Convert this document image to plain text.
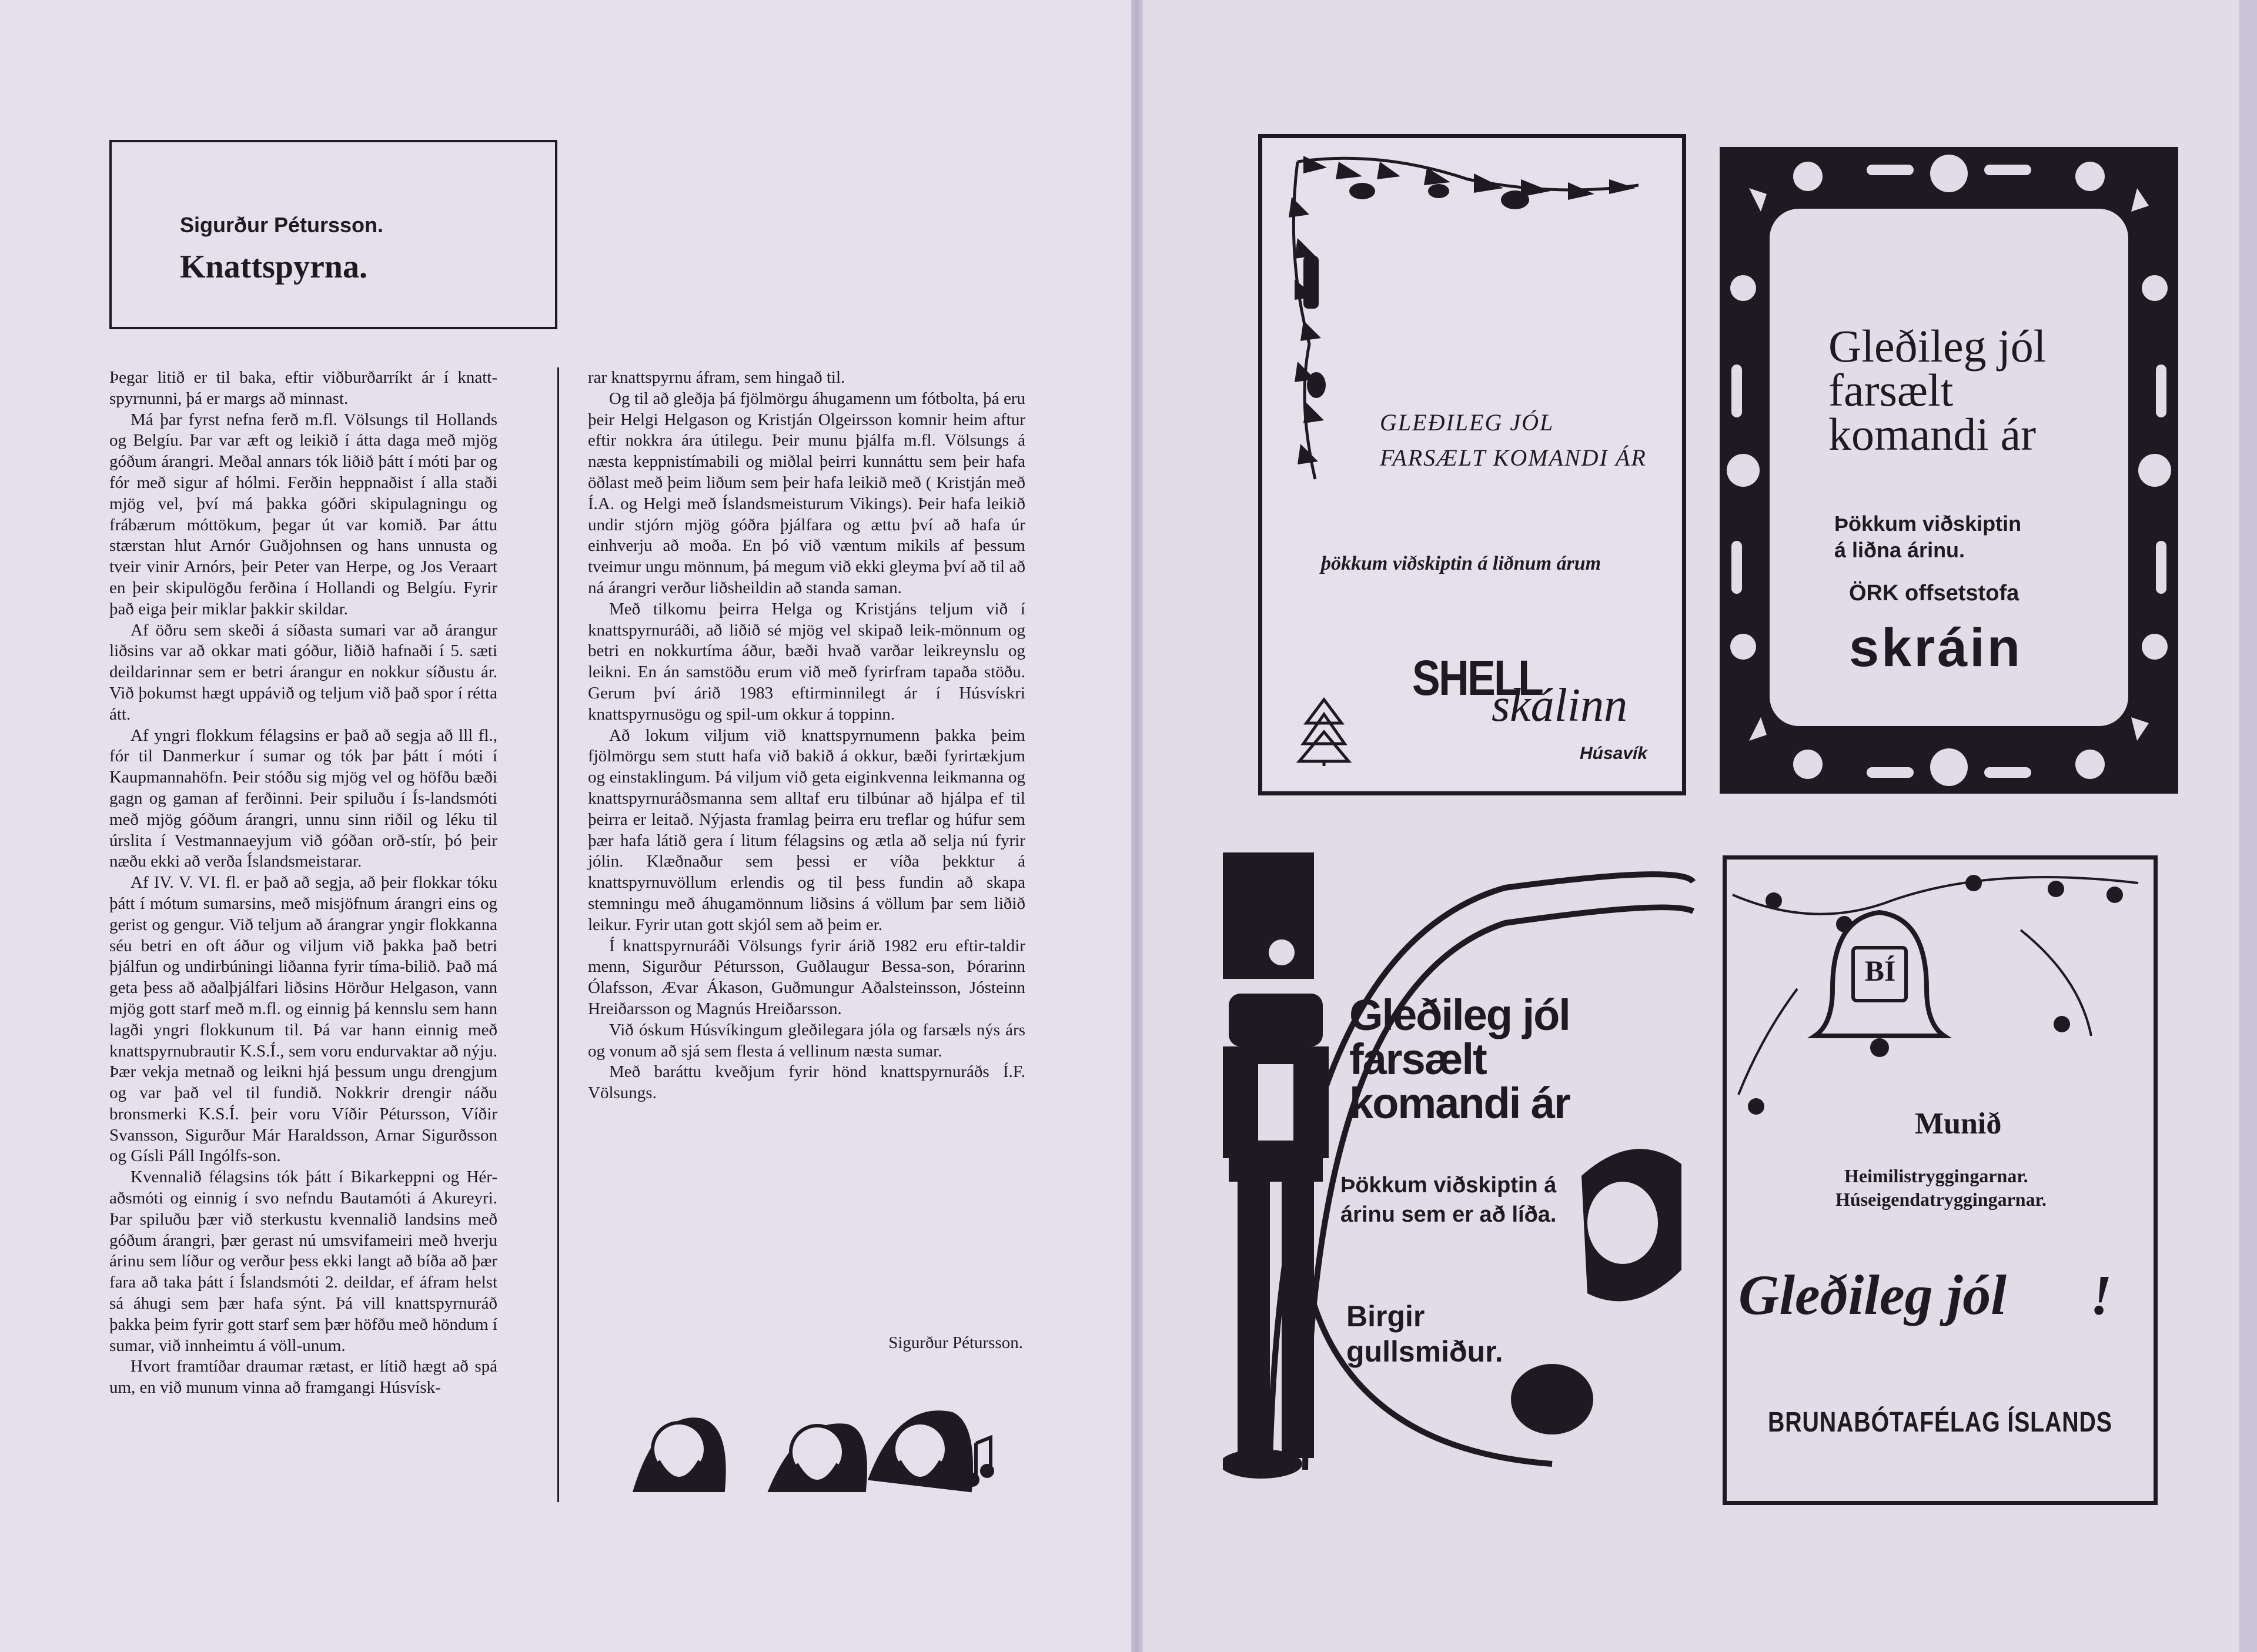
Sigurður Pétursson.
Knattspyrna.

Þegar litið er til baka, eftir viðburðarríkt ár í knatt-spyrnunni, þá er margs að minnast.

Má þar fyrst nefna ferð m.fl. Völsungs til Hollands og Belgíu. Þar var æft og leikið í átta daga með mjög góðum árangri. Meðal annars tók liðið þátt í móti þar og fór með sigur af hólmi. Ferðin heppnaðist í alla staði mjög vel, því má þakka góðri skipulagningu og frábærum móttökum, þegar út var komið. Þar áttu stærstan hlut Arnór Guðjohnsen og hans unnusta og tveir vinir Arnórs, þeir Peter van Herpe, og Jos Veraart en þeir skipulögðu ferðina í Hollandi og Belgíu. Fyrir það eiga þeir miklar þakkir skildar.

Af öðru sem skeði á síðasta sumari var að árangur liðsins var að okkar mati góður, liðið hafnaði í 5. sæti deildarinnar sem er betri árangur en nokkur síðustu ár. Við þokumst hægt uppávið og teljum við það spor í rétta átt.

Af yngri flokkum félagsins er það að segja að lll fl., fór til Danmerkur í sumar og tók þar þátt í móti í Kaupmannahöfn. Þeir stóðu sig mjög vel og höfðu bæði gagn og gaman af ferðinni. Þeir spiluðu í Ís-landsmóti með mjög góðum árangri, unnu sinn riðil og léku til úrslita í Vestmannaeyjum við góðan orð-stír, þó þeir næðu ekki að verða Íslandsmeistarar.

Af IV. V. VI. fl. er það að segja, að þeir flokkar tóku þátt í mótum sumarsins, með misjöfnum árangri eins og gerist og gengur. Við teljum að árangrar yngir flokkanna séu betri en oft áður og viljum við þakka það betri þjálfun og undirbúningi liðanna fyrir tíma-bilið. Það má geta þess að aðalþjálfari liðsins Hörður Helgason, vann mjög gott starf með m.fl. og einnig þá kennslu sem hann lagði yngri flokkunum til. Þá var hann einnig með knattspyrnubrautir K.S.Í., sem voru endurvaktar að nýju. Þær vekja metnað og leikni hjá þessum ungu drengjum og var það vel til fundið. Nokkrir drengir náðu bronsmerki K.S.Í. þeir voru Víðir Pétursson, Víðir Svansson, Sigurður Már Haraldsson, Arnar Sigurðsson og Gísli Páll Ingólfs-son.

Kvennalið félagsins tók þátt í Bikarkeppni og Hér-aðsmóti og einnig í svo nefndu Bautamóti á Akureyri. Þar spiluðu þær við sterkustu kvennalið landsins með góðum árangri, þær gerast nú umsvifameiri með hverju árinu sem líður og verður þess ekki langt að bíða að þær fara að taka þátt í Íslandsmóti 2. deildar, ef áfram helst sá áhugi sem þær hafa sýnt. Þá vill knattspyrnuráð þakka þeim fyrir gott starf sem þær höfðu með höndum í sumar, við innheimtu á völl-unum.

Hvort framtíðar draumar rætast, er lítið hægt að spá um, en við munum vinna að framgangi Húsvísk-

rar knattspyrnu áfram, sem hingað til.

Og til að gleðja þá fjölmörgu áhugamenn um fótbolta, þá eru þeir Helgi Helgason og Kristján Olgeirsson komnir heim aftur eftir nokkra ára útilegu. Þeir munu þjálfa m.fl. Völsungs á næsta keppnistímabili og miðlal þeirri kunnáttu sem þeir hafa öðlast með þeim liðum sem þeir hafa leikið með ( Kristján með Í.A. og Helgi með Íslandsmeisturum Vikings). Þeir hafa leikið undir stjórn mjög góðra þjálfara og ættu því að hafa úr einhverju að moða. En þó við væntum mikils af þessum tveimur ungu mönnum, þá megum við ekki gleyma því að til að ná árangri verður liðsheildin að standa saman.

Með tilkomu þeirra Helga og Kristjáns teljum við í knattspyrnuráði, að liðið sé mjög vel skipað leik-mönnum og betri en nokkurtíma áður, bæði hvað varðar leikreynslu og leikni. En án samstöðu erum við með fyrirfram tapaða stöðu. Gerum því árið 1983 eftirminnilegt ár í Húsvískri knattspyrnusögu og spil-um okkur á toppinn.

Að lokum viljum við knattspyrnumenn þakka þeim fjölmörgu sem stutt hafa við bakið á okkur, bæði fyrirtækjum og einstaklingum. Þá viljum við geta eiginkvenna leikmanna og knattspyrnuráðsmanna sem alltaf eru tilbúnar að hjálpa ef til þeirra er leitað. Nýjasta framlag þeirra eru treflar og húfur sem þær hafa látið gera í litum félagsins og ætla að selja nú fyrir jólin. Klæðnaður sem þessi er víða þekktur á knattspyrnuvöllum erlendis og til þess fundin að skapa stemningu með áhugamönnum liðsins á völlum þar sem liðið leikur. Fyrir utan gott skjól sem að þeim er.

Í knattspyrnuráði Völsungs fyrir árið 1982 eru eftir-taldir menn, Sigurður Pétursson, Guðlaugur Bessa-son, Þórarinn Ólafsson, Ævar Ákason, Guðmungur Aðalsteinsson, Jósteinn Hreiðarsson og Magnús Hreiðarsson.

Við óskum Húsvíkingum gleðilegara jóla og farsæls nýs árs og vonum að sjá sem flesta á vellinum næsta sumar.

Með baráttu kveðjum fyrir hönd knattspyrnuráðs Í.F. Völsungs.

Sigurður Pétursson.
GLEÐILEG JÓL
FARSÆLT KOMANDI ÁR
þökkum viðskiptin á liðnum árum
SHELL
skálinn
Húsavík
Gleðileg jól
farsælt
komandi ár
Þökkum viðskiptin
á liðna árinu.
ÖRK offsetstofa
skráin
Gleðileg jól
farsælt
komandi ár
Þökkum viðskiptin á
árinu sem er að líða.
Birgir
gullsmiður.
BÍ
Munið
Heimilistryggingarnar.
Húseigendatryggingarnar.
Gleðileg jól !
BRUNABÓTAFÉLAG ÍSLANDS
